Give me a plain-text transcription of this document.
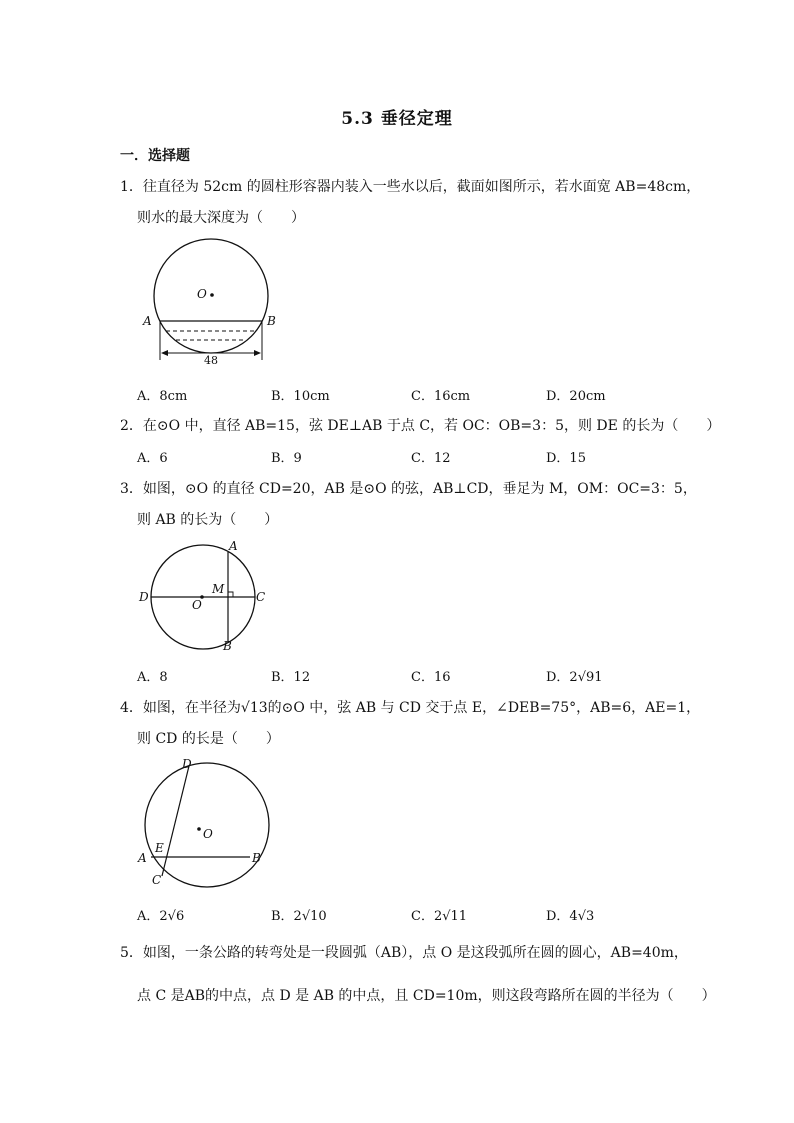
5.3 垂径定理
一．选择题
1．往直径为 52cm 的圆柱形容器内装入一些水以后，截面如图所示，若水面宽 AB=48cm，
则水的最大深度为（　　）
O
A	B
48
A．8cm	B．10cm	C．16cm	D．20cm
2．在⊙O 中，直径 AB=15，弦 DE⊥AB 于点 C，若 OC：OB=3：5，则 DE 的长为（　　）
A．6	B．9	C．12	D．15
3．如图，⊙O 的直径 CD=20，AB 是⊙O 的弦，AB⊥CD，垂足为 M，OM：OC=3：5，
则 AB 的长为（　　）
A
B
D	C
M
O
A．8	B．12	C．16	D．2√91
4．如图，在半径为√13的⊙O 中，弦 AB 与 CD 交于点 E，∠DEB=75°，AB=6，AE=1，
则 CD 的长是（　　）
O
D
E
A	B
C
A．2√6	B．2√10	C．2√11	D．4√3
5．如图，一条公路的转弯处是一段圆弧（AB），点 O 是这段弧所在圆的圆心，AB=40m，
点 C 是AB的中点，点 D 是 AB 的中点，且 CD=10m，则这段弯路所在圆的半径为（　　）
